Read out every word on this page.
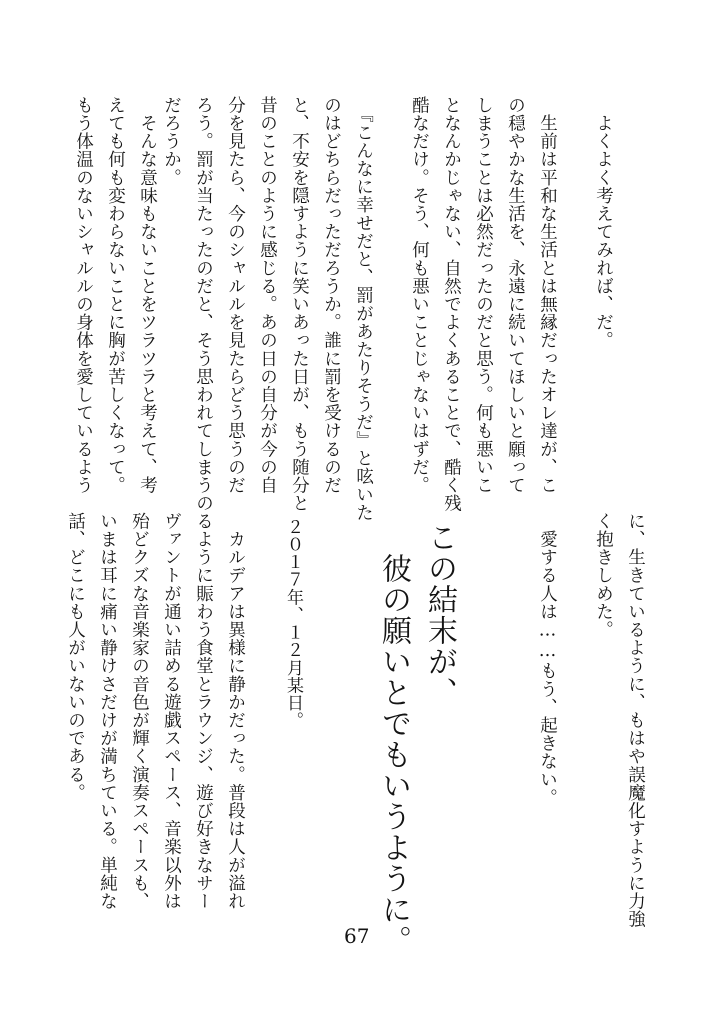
　よくよく考えてみれば、だ。

　生前は平和な生活とは無縁だったオレ達が、こ

の穏やかな生活を、永遠に続いてほしいと願って

しまうことは必然だったのだと思う。何も悪いこ

となんかじゃない、自然でよくあることで、酷く残

酷なだけ。そう、何も悪いことじゃないはずだ。

　『こんなに幸せだと、罰があたりそうだ』と呟いた

のはどちらだっただろうか。誰に罰を受けるのだ

と、不安を隠すように笑いあった日が、もう随分と

昔のことのように感じる。あの日の自分が今の自

分を見たら、今のシャルルを見たらどう思うのだ

ろう。罰が当たったのだと、そう思われてしまうの

だろうか。

　そんな意味もないことをツラツラと考えて、考

えても何も変わらないことに胸が苦しくなって。

もう体温のないシャルルの身体を愛しているよう

に、生きているように、もはや誤魔化すように力強

く抱きしめた。

　愛する人は……もう、起きない。

この結末が、

　彼の願いとでもいうように。

２０１７年、１２月某日。

　カルデアは異様に静かだった。普段は人が溢れ

るように賑わう食堂とラウンジ、遊び好きなサー

ヴァントが通い詰める遊戯スペース、音楽以外は

殆どクズな音楽家の音色が輝く演奏スペースも、

いまは耳に痛い静けさだけが満ちている。単純な

話、どこにも人がいないのである。

67
